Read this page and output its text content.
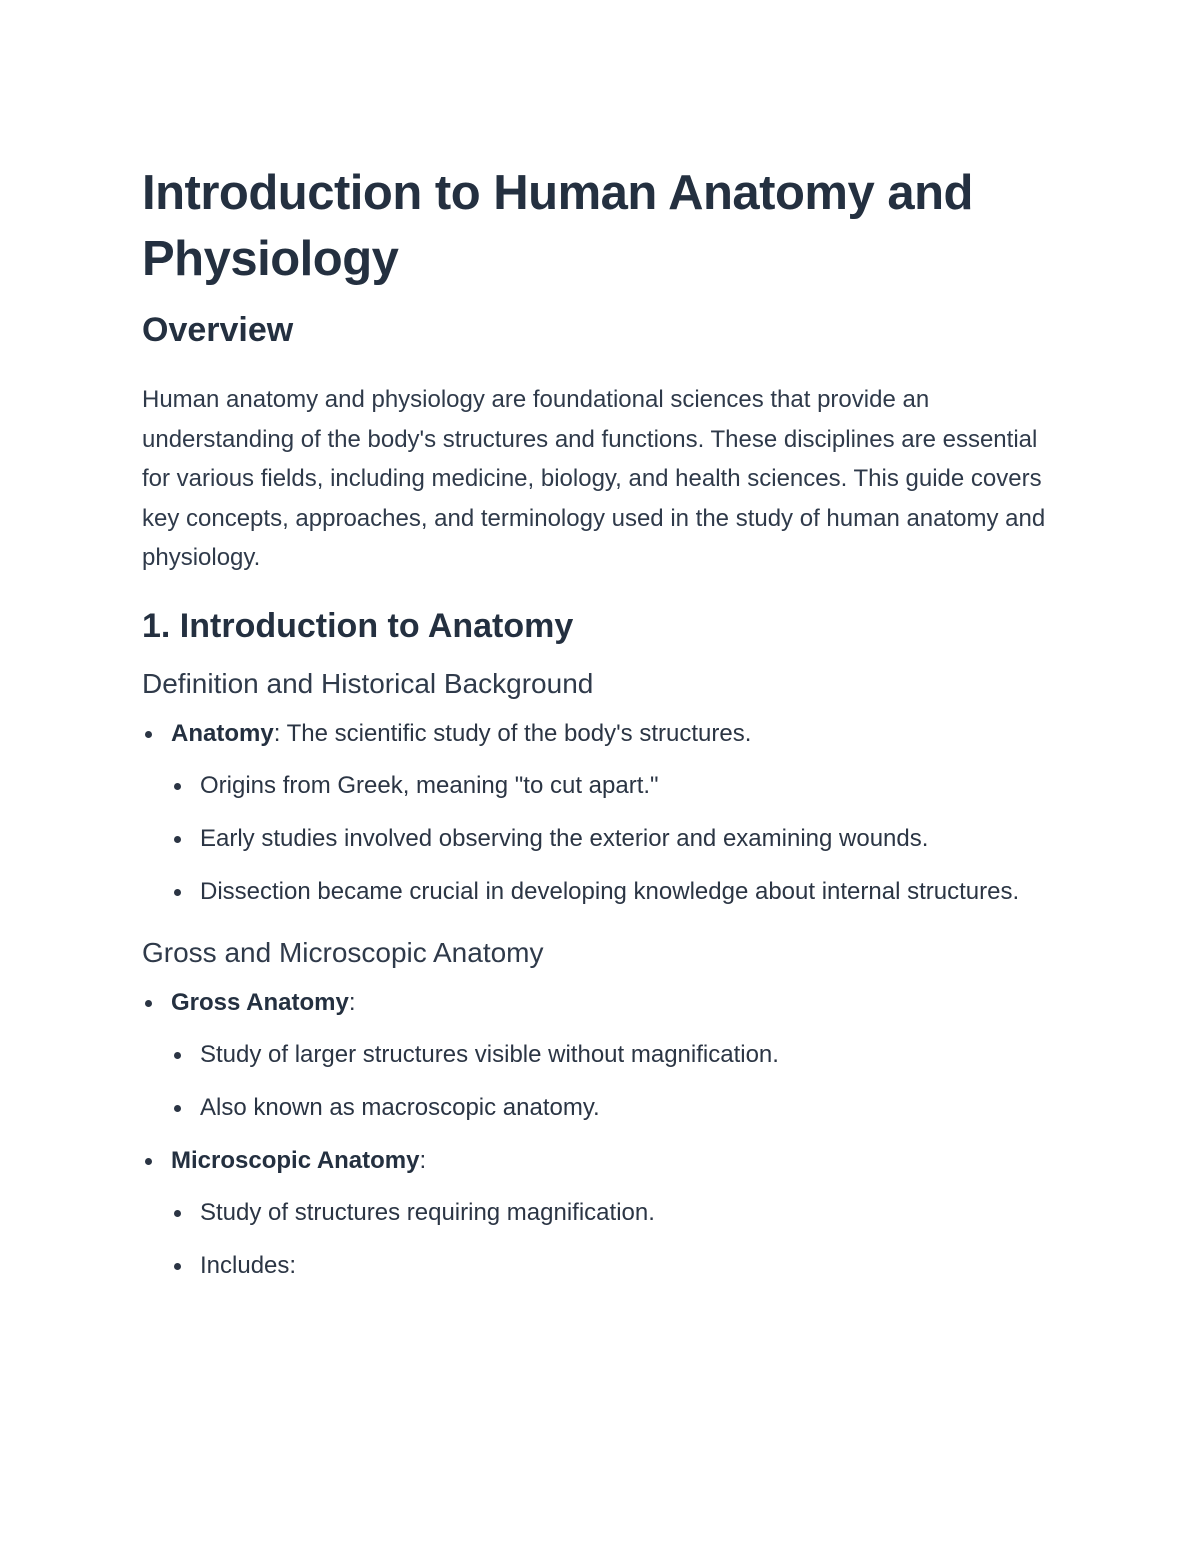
Introduction to Human Anatomy and Physiology
Overview

Human anatomy and physiology are foundational sciences that provide an understanding of the body's structures and functions. These disciplines are essential for various fields, including medicine, biology, and health sciences. This guide covers key concepts, approaches, and terminology used in the study of human anatomy and physiology.

1. Introduction to Anatomy
Definition and Historical Background
Anatomy: The scientific study of the body's structures.
Origins from Greek, meaning "to cut apart."
Early studies involved observing the exterior and examining wounds.
Dissection became crucial in developing knowledge about internal structures.
Gross and Microscopic Anatomy
Gross Anatomy:
Study of larger structures visible without magnification.
Also known as macroscopic anatomy.
Microscopic Anatomy:
Study of structures requiring magnification.
Includes:
